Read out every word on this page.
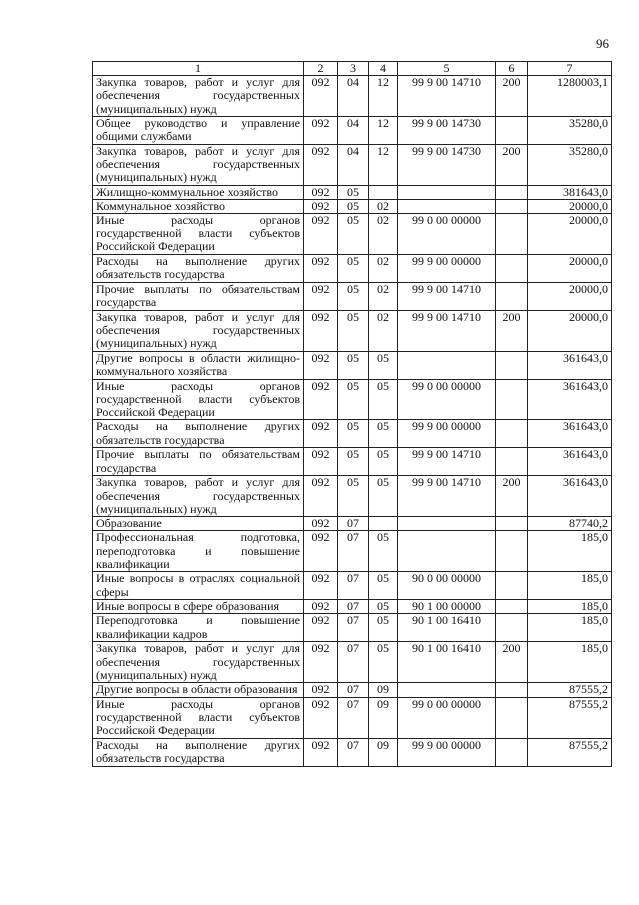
96
1	2	3	4	5	6	7
Закупка товаров, работ и услуг для обеспечения государственных (муниципальных) нужд	092	04	12	99 9 00 14710	200	1280003,1
Общее руководство и управление общими службами	092	04	12	99 9 00 14730		35280,0
Закупка товаров, работ и услуг для обеспечения государственных (муниципальных) нужд	092	04	12	99 9 00 14730	200	35280,0
Жилищно-коммунальное хозяйство	092	05				381643,0
Коммунальное хозяйство	092	05	02			20000,0
Иные расходы органов государственной власти субъектов Российской Федерации	092	05	02	99 0 00 00000		20000,0
Расходы на выполнение других обязательств государства	092	05	02	99 9 00 00000		20000,0
Прочие выплаты по обязательствам государства	092	05	02	99 9 00 14710		20000,0
Закупка товаров, работ и услуг для обеспечения государственных (муниципальных) нужд	092	05	02	99 9 00 14710	200	20000,0
Другие вопросы в области жилищно-коммунального хозяйства	092	05	05			361643,0
Иные расходы органов государственной власти субъектов Российской Федерации	092	05	05	99 0 00 00000		361643,0
Расходы на выполнение других обязательств государства	092	05	05	99 9 00 00000		361643,0
Прочие выплаты по обязательствам государства	092	05	05	99 9 00 14710		361643,0
Закупка товаров, работ и услуг для обеспечения государственных (муниципальных) нужд	092	05	05	99 9 00 14710	200	361643,0
Образование	092	07				87740,2
Профессиональная подготовка, переподготовка и повышение квалификации	092	07	05			185,0
Иные вопросы в отраслях социальной сферы	092	07	05	90 0 00 00000		185,0
Иные вопросы в сфере образования	092	07	05	90 1 00 00000		185,0
Переподготовка и повышение квалификации кадров	092	07	05	90 1 00 16410		185,0
Закупка товаров, работ и услуг для обеспечения государственных (муниципальных) нужд	092	07	05	90 1 00 16410	200	185,0
Другие вопросы в области образования	092	07	09			87555,2
Иные расходы органов государственной власти субъектов Российской Федерации	092	07	09	99 0 00 00000		87555,2
Расходы на выполнение других обязательств государства	092	07	09	99 9 00 00000		87555,2
